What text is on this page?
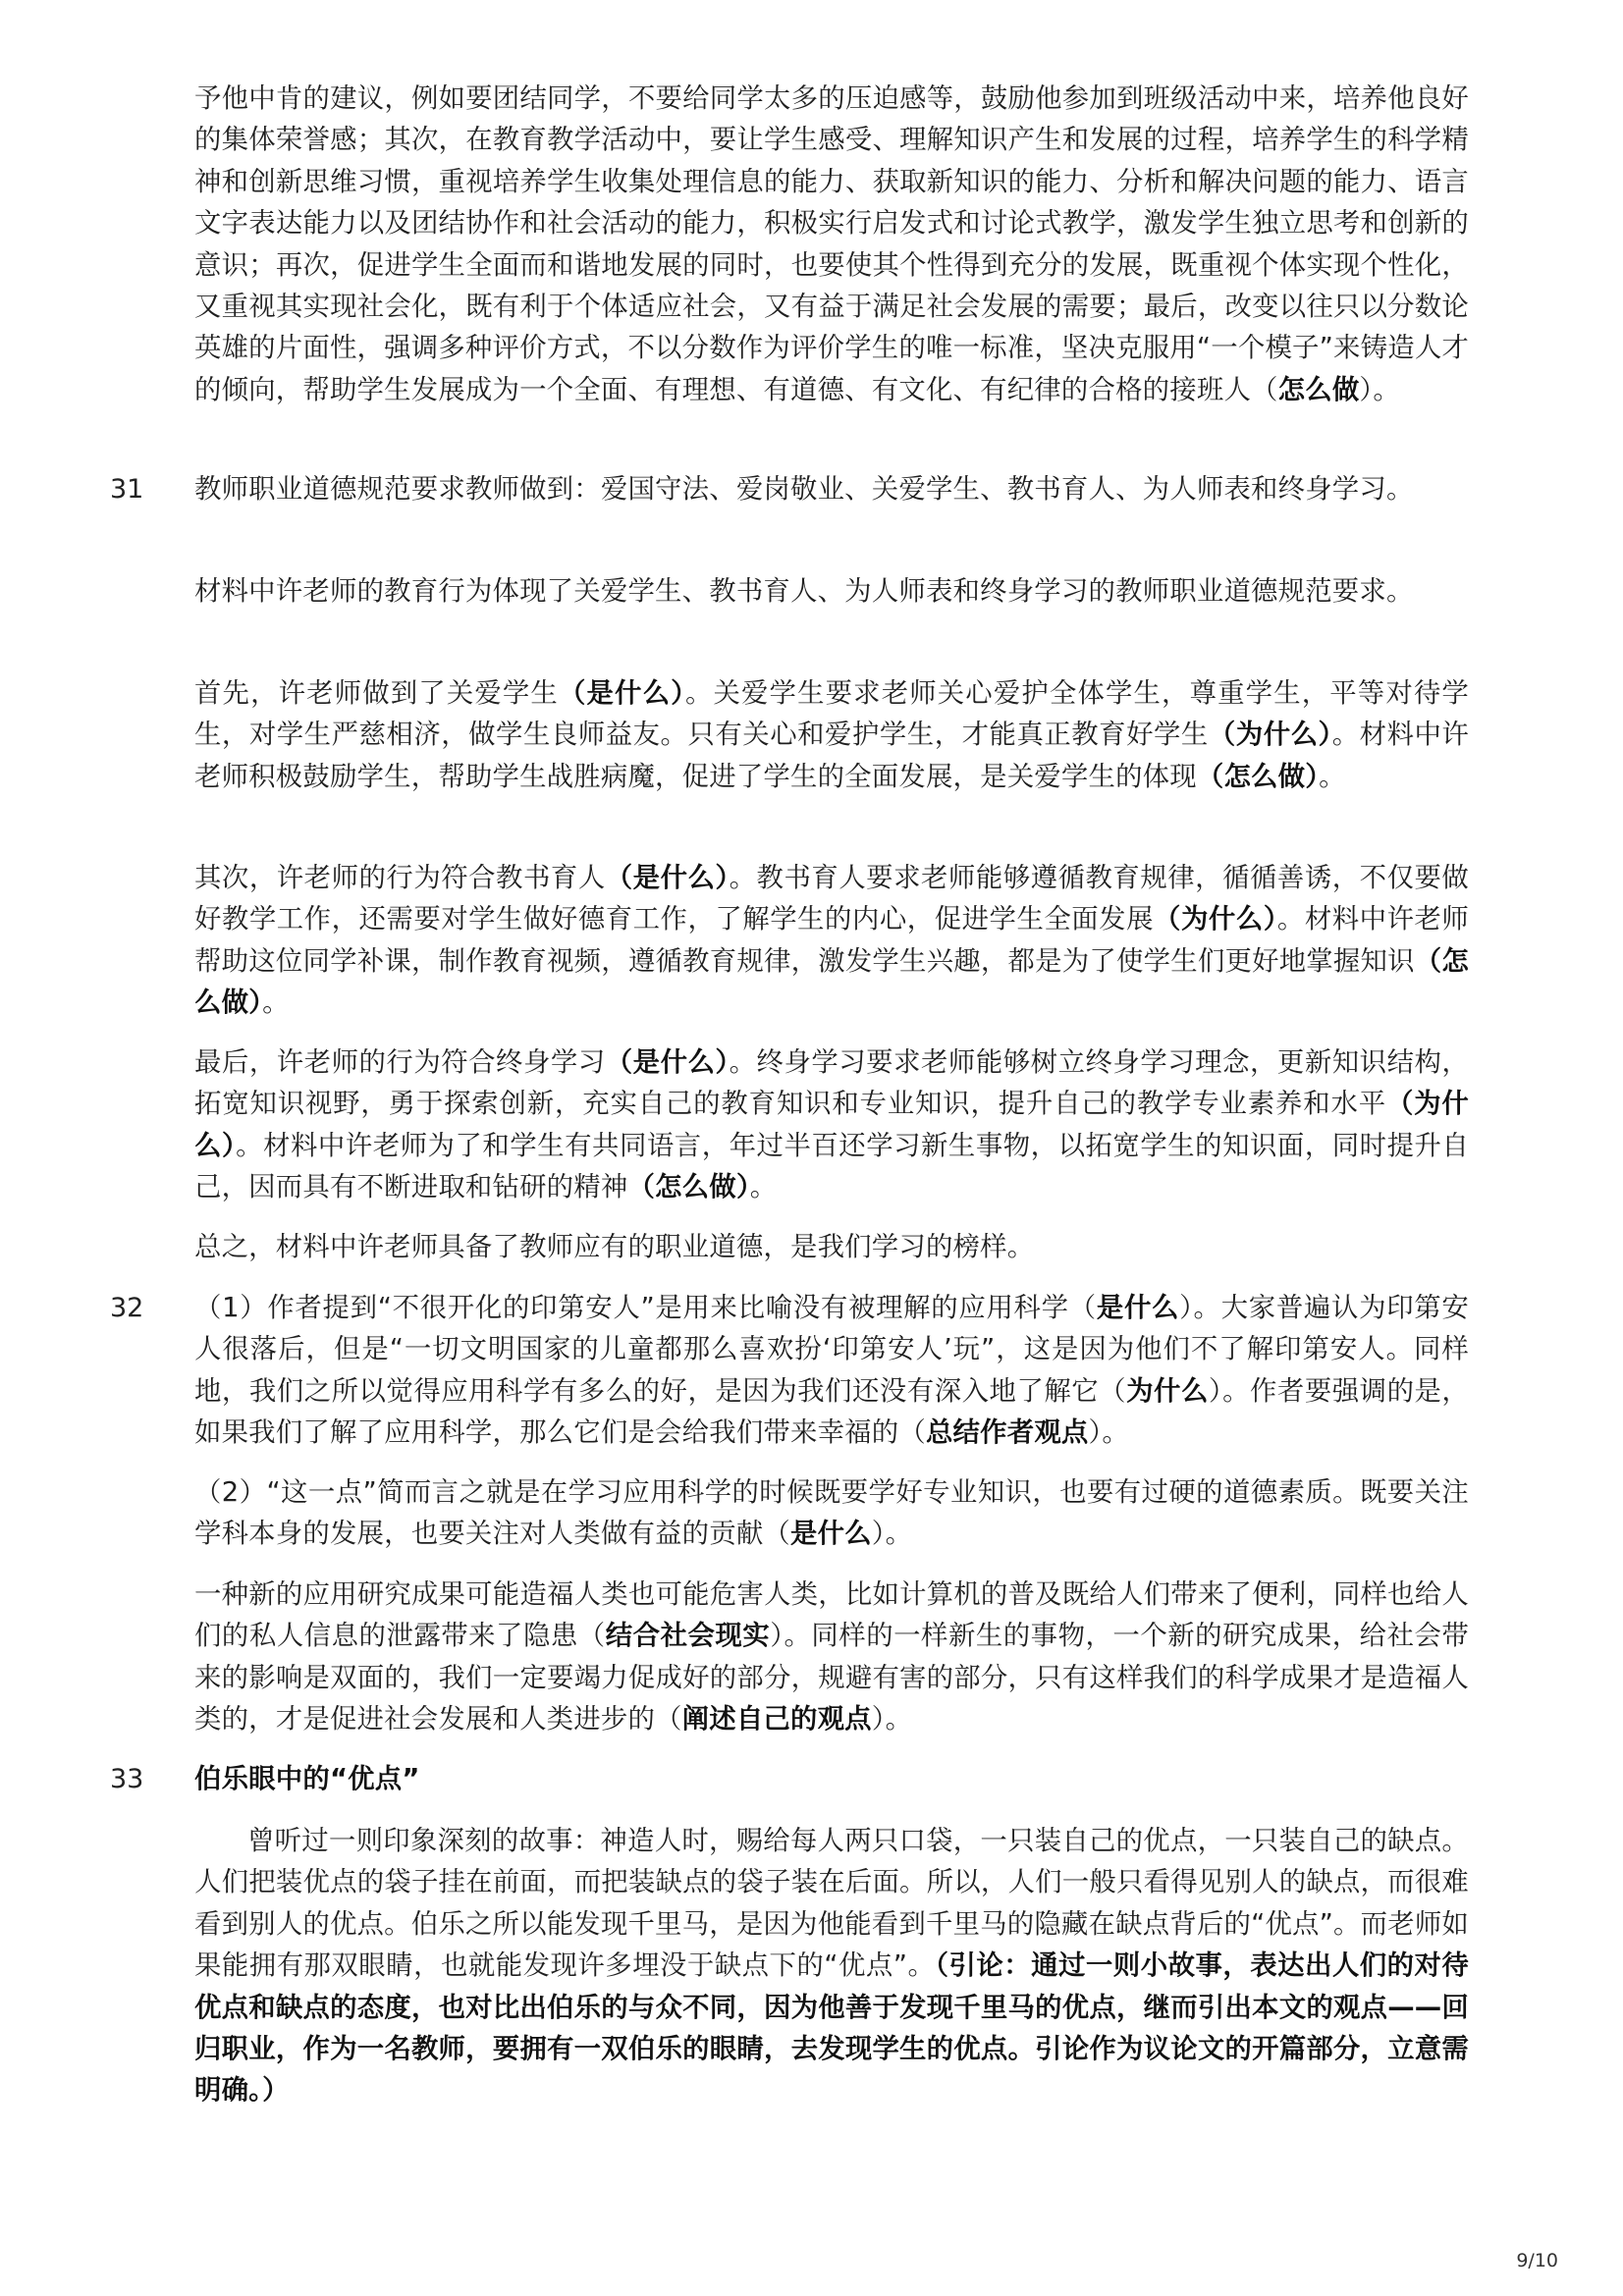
予他中肯的建议，例如要团结同学，不要给同学太多的压迫感等，鼓励他参加到班级活动中来，培养他良好的集体荣誉感；其次，在教育教学活动中，要让学生感受、理解知识产生和发展的过程，培养学生的科学精神和创新思维习惯，重视培养学生收集处理信息的能力、获取新知识的能力、分析和解决问题的能力、语言文字表达能力以及团结协作和社会活动的能力，积极实行启发式和讨论式教学，激发学生独立思考和创新的意识；再次，促进学生全面而和谐地发展的同时，也要使其个性得到充分的发展，既重视个体实现个性化，又重视其实现社会化，既有利于个体适应社会，又有益于满足社会发展的需要；最后，改变以往只以分数论英雄的片面性，强调多种评价方式，不以分数作为评价学生的唯一标准，坚决克服用“一个模子”来铸造人才的倾向，帮助学生发展成为一个全面、有理想、有道德、有文化、有纪律的合格的接班人（怎么做）。

31	教师职业道德规范要求教师做到：爱国守法、爱岗敬业、关爱学生、教书育人、为人师表和终身学习。

材料中许老师的教育行为体现了关爱学生、教书育人、为人师表和终身学习的教师职业道德规范要求。

首先，许老师做到了关爱学生（是什么）。关爱学生要求老师关心爱护全体学生，尊重学生，平等对待学生，对学生严慈相济，做学生良师益友。只有关心和爱护学生，才能真正教育好学生（为什么）。材料中许老师积极鼓励学生，帮助学生战胜病魔，促进了学生的全面发展，是关爱学生的体现（怎么做）。

其次，许老师的行为符合教书育人（是什么）。教书育人要求老师能够遵循教育规律，循循善诱，不仅要做好教学工作，还需要对学生做好德育工作，了解学生的内心，促进学生全面发展（为什么）。材料中许老师帮助这位同学补课，制作教育视频，遵循教育规律，激发学生兴趣，都是为了使学生们更好地掌握知识（怎么做）。

最后，许老师的行为符合终身学习（是什么）。终身学习要求老师能够树立终身学习理念，更新知识结构，拓宽知识视野，勇于探索创新，充实自己的教育知识和专业知识，提升自己的教学专业素养和水平（为什么）。材料中许老师为了和学生有共同语言，年过半百还学习新生事物，以拓宽学生的知识面，同时提升自己，因而具有不断进取和钻研的精神（怎么做）。

总之，材料中许老师具备了教师应有的职业道德，是我们学习的榜样。

32	（1）作者提到“不很开化的印第安人”是用来比喻没有被理解的应用科学（是什么）。大家普遍认为印第安人很落后，但是“一切文明国家的儿童都那么喜欢扮‘印第安人’玩”，这是因为他们不了解印第安人。同样地，我们之所以觉得应用科学有多么的好，是因为我们还没有深入地了解它（为什么）。作者要强调的是，如果我们了解了应用科学，那么它们是会给我们带来幸福的（总结作者观点）。

（2）“这一点”简而言之就是在学习应用科学的时候既要学好专业知识，也要有过硬的道德素质。既要关注学科本身的发展，也要关注对人类做有益的贡献（是什么）。

一种新的应用研究成果可能造福人类也可能危害人类，比如计算机的普及既给人们带来了便利，同样也给人们的私人信息的泄露带来了隐患（结合社会现实）。同样的一样新生的事物，一个新的研究成果，给社会带来的影响是双面的，我们一定要竭力促成好的部分，规避有害的部分，只有这样我们的科学成果才是造福人类的，才是促进社会发展和人类进步的（阐述自己的观点）。

33	伯乐眼中的“优点”

曾听过一则印象深刻的故事：神造人时，赐给每人两只口袋，一只装自己的优点，一只装自己的缺点。人们把装优点的袋子挂在前面，而把装缺点的袋子装在后面。所以，人们一般只看得见别人的缺点，而很难看到别人的优点。伯乐之所以能发现千里马，是因为他能看到千里马的隐藏在缺点背后的“优点”。而老师如果能拥有那双眼睛，也就能发现许多埋没于缺点下的“优点”。（引论：通过一则小故事，表达出人们的对待优点和缺点的态度，也对比出伯乐的与众不同，因为他善于发现千里马的优点，继而引出本文的观点——回归职业，作为一名教师，要拥有一双伯乐的眼睛，去发现学生的优点。引论作为议论文的开篇部分，立意需明确。）

9/10
